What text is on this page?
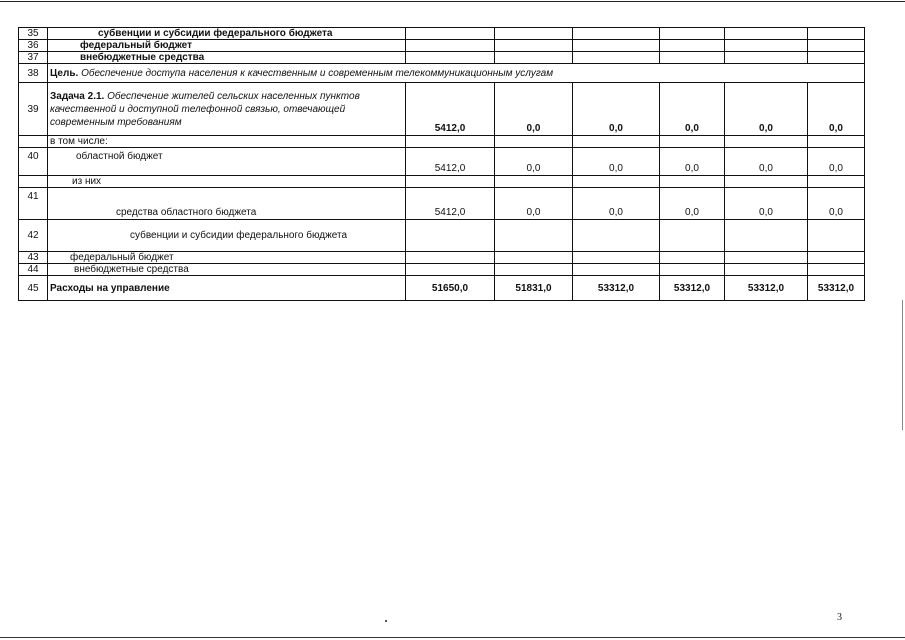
35	субвенции и субсидии федерального бюджета						
36	федеральный бюджет						
37	внебюджетные средства						
38	Цель. Обеспечение доступа населения к качественным и современным телекоммуникационным услугам						
39	Задача 2.1. Обеспечение жителей сельских населенных пунктов качественной и доступной телефонной связью, отвечающей современным требованиям	5412,0	0,0	0,0	0,0	0,0	0,0
	в том числе:						
40	областной бюджет	5412,0	0,0	0,0	0,0	0,0	0,0
	из них						
41	средства областного бюджета	5412,0	0,0	0,0	0,0	0,0	0,0
42	субвенции и субсидии федерального бюджета						
43	федеральный бюджет						
44	внебюджетные средства						
45	Расходы на управление	51650,0	51831,0	53312,0	53312,0	53312,0	53312,0
3
